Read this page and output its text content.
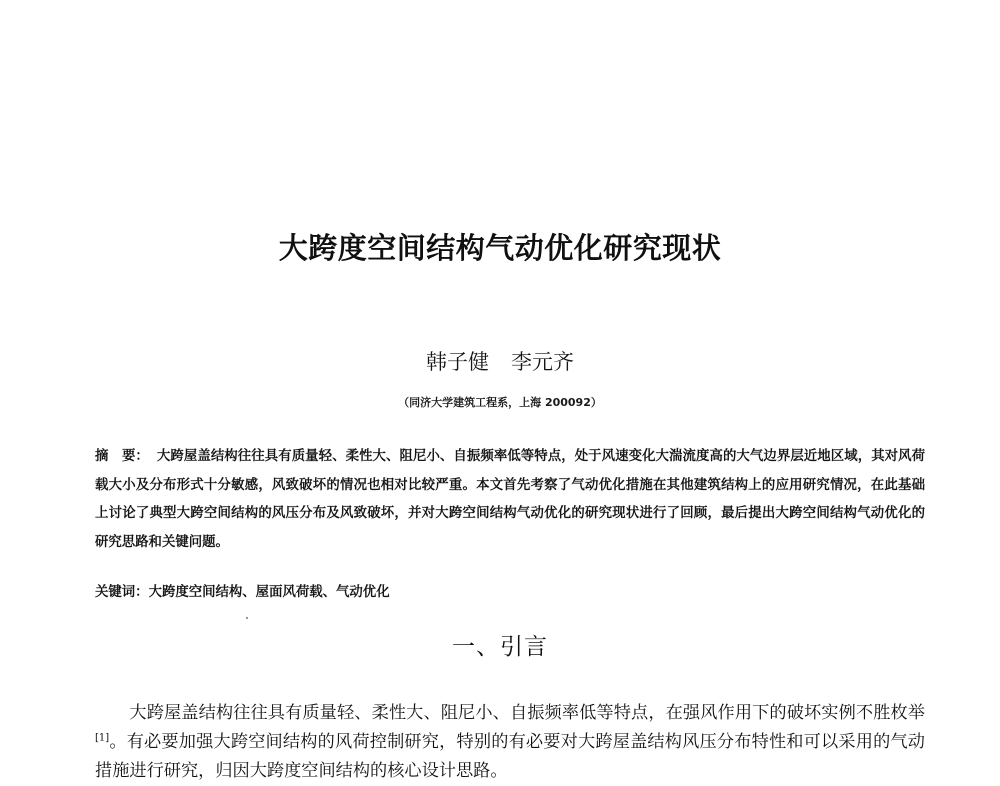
大跨度空间结构气动优化研究现状
韩子健 李元齐
（同济大学建筑工程系，上海 200092）
摘　要： 大跨屋盖结构往往具有质量轻、柔性大、阻尼小、自振频率低等特点，处于风速变化大湍流度高的大气边界层近地区域，其对风荷载大小及分布形式十分敏感，风致破坏的情况也相对比较严重。本文首先考察了气动优化措施在其他建筑结构上的应用研究情况，在此基础上讨论了典型大跨空间结构的风压分布及风致破坏，并对大跨空间结构气动优化的研究现状进行了回顾，最后提出大跨空间结构气动优化的研究思路和关键问题。
关键词：大跨度空间结构、屋面风荷载、气动优化
一、引言
大跨屋盖结构往往具有质量轻、柔性大、阻尼小、自振频率低等特点，在强风作用下的破坏实例不胜枚举[1]。有必要加强大跨空间结构的风荷控制研究，特别的有必要对大跨屋盖结构风压分布特性和可以采用的气动措施进行研究，归因大跨度空间结构的核心设计思路。
